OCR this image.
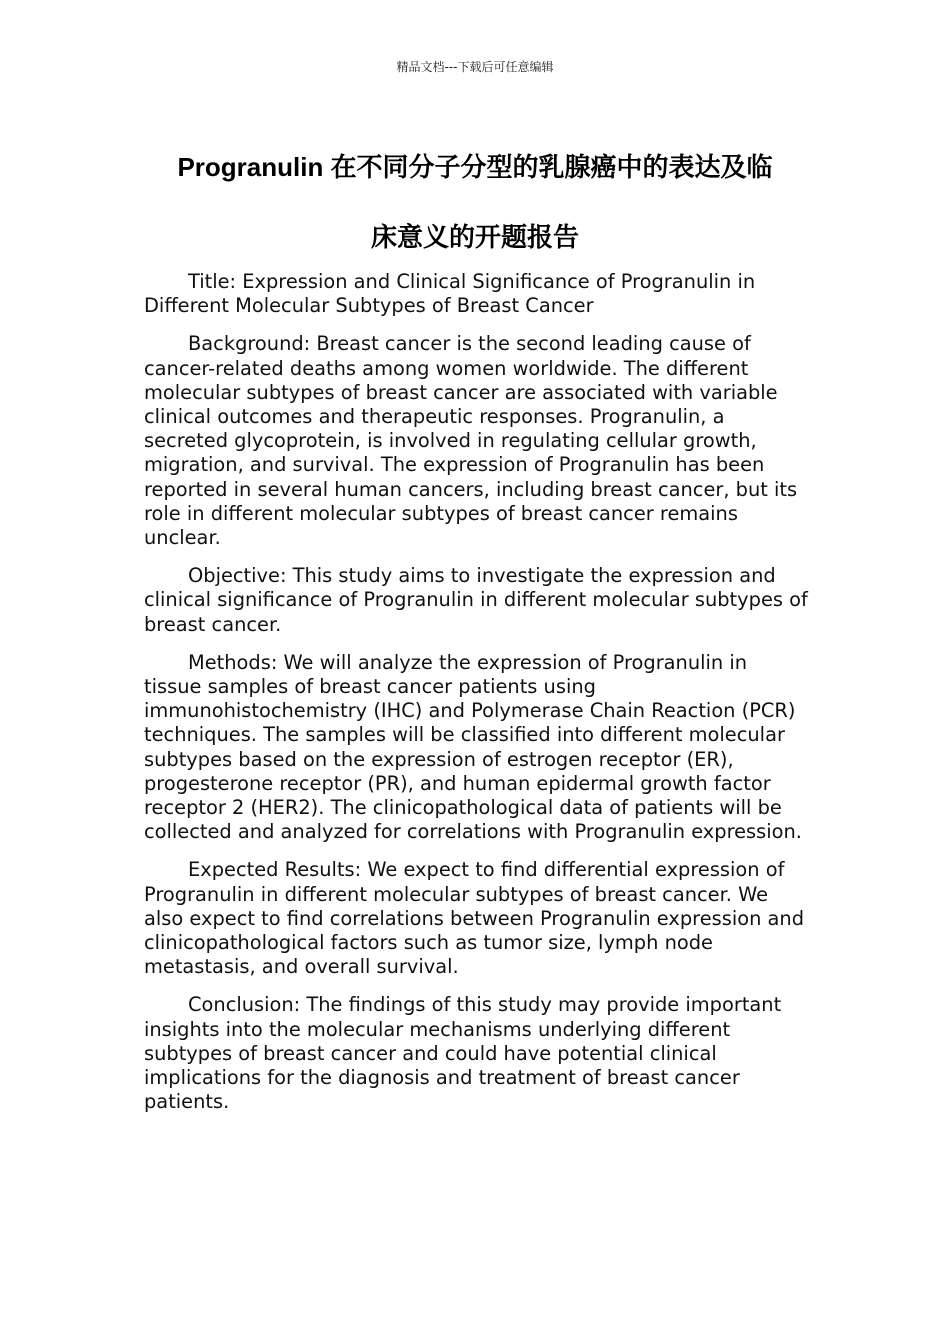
精品文档---下载后可任意编辑
Progranulin 在不同分子分型的乳腺癌中的表达及临
床意义的开题报告

Title: Expression and Clinical Significance of Progranulin in Different Molecular Subtypes of Breast Cancer

Background: Breast cancer is the second leading cause of cancer-related deaths among women worldwide. The different molecular subtypes of breast cancer are associated with variable clinical outcomes and therapeutic responses. Progranulin, a secreted glycoprotein, is involved in regulating cellular growth, migration, and survival. The expression of Progranulin has been reported in several human cancers, including breast cancer, but its role in different molecular subtypes of breast cancer remains unclear.

Objective: This study aims to investigate the expression and clinical significance of Progranulin in different molecular subtypes of breast cancer.

Methods: We will analyze the expression of Progranulin in tissue samples of breast cancer patients using immunohistochemistry (IHC) and Polymerase Chain Reaction (PCR) techniques. The samples will be classified into different molecular subtypes based on the expression of estrogen receptor (ER), progesterone receptor (PR), and human epidermal growth factor receptor 2 (HER2). The clinicopathological data of patients will be collected and analyzed for correlations with Progranulin expression.

Expected Results: We expect to find differential expression of Progranulin in different molecular subtypes of breast cancer. We also expect to find correlations between Progranulin expression and clinicopathological factors such as tumor size, lymph node metastasis, and overall survival.

Conclusion: The findings of this study may provide important insights into the molecular mechanisms underlying different subtypes of breast cancer and could have potential clinical implications for the diagnosis and treatment of breast cancer patients.
